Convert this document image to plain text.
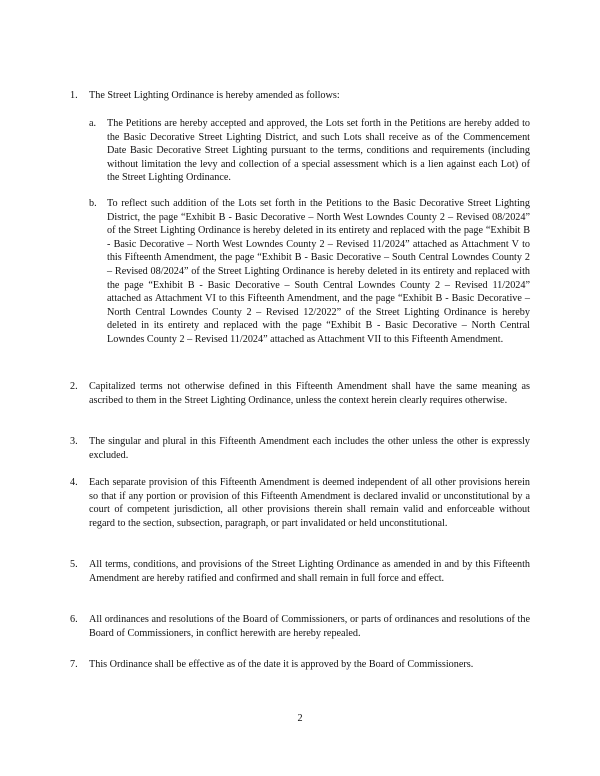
1. The Street Lighting Ordinance is hereby amended as follows:
a. The Petitions are hereby accepted and approved, the Lots set forth in the Petitions are hereby added to the Basic Decorative Street Lighting District, and such Lots shall receive as of the Commencement Date Basic Decorative Street Lighting pursuant to the terms, conditions and requirements (including without limitation the levy and collection of a special assessment which is a lien against each Lot) of the Street Lighting Ordinance.
b. To reflect such addition of the Lots set forth in the Petitions to the Basic Decorative Street Lighting District, the page “Exhibit B - Basic Decorative – North West Lowndes County 2 – Revised 08/2024” of the Street Lighting Ordinance is hereby deleted in its entirety and replaced with the page “Exhibit B - Basic Decorative – North West Lowndes County 2 – Revised 11/2024” attached as Attachment V to this Fifteenth Amendment, the page “Exhibit B - Basic Decorative – South Central Lowndes County 2 – Revised 08/2024” of the Street Lighting Ordinance is hereby deleted in its entirety and replaced with the page “Exhibit B - Basic Decorative – South Central Lowndes County 2 – Revised 11/2024” attached as Attachment VI to this Fifteenth Amendment, and the page “Exhibit B - Basic Decorative – North Central Lowndes County 2 – Revised 12/2022” of the Street Lighting Ordinance is hereby deleted in its entirety and replaced with the page “Exhibit B - Basic Decorative – North Central Lowndes County 2 – Revised 11/2024” attached as Attachment VII to this Fifteenth Amendment.
2. Capitalized terms not otherwise defined in this Fifteenth Amendment shall have the same meaning as ascribed to them in the Street Lighting Ordinance, unless the context herein clearly requires otherwise.
3. The singular and plural in this Fifteenth Amendment each includes the other unless the other is expressly excluded.
4. Each separate provision of this Fifteenth Amendment is deemed independent of all other provisions herein so that if any portion or provision of this Fifteenth Amendment is declared invalid or unconstitutional by a court of competent jurisdiction, all other provisions therein shall remain valid and enforceable without regard to the section, subsection, paragraph, or part invalidated or held unconstitutional.
5. All terms, conditions, and provisions of the Street Lighting Ordinance as amended in and by this Fifteenth Amendment are hereby ratified and confirmed and shall remain in full force and effect.
6. All ordinances and resolutions of the Board of Commissioners, or parts of ordinances and resolutions of the Board of Commissioners, in conflict herewith are hereby repealed.
7. This Ordinance shall be effective as of the date it is approved by the Board of Commissioners.
2
